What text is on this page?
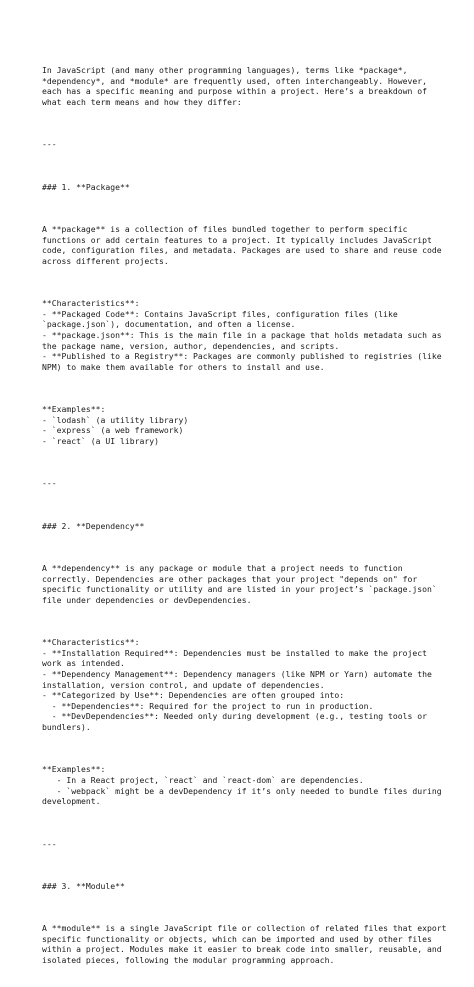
In JavaScript (and many other programming languages), terms like *package*,
*dependency*, and *module* are frequently used, often interchangeably. However,
each has a specific meaning and purpose within a project. Here’s a breakdown of
what each term means and how they differ:

---

### 1. **Package**

A **package** is a collection of files bundled together to perform specific
functions or add certain features to a project. It typically includes JavaScript
code, configuration files, and metadata. Packages are used to share and reuse code
across different projects.

**Characteristics**:
- **Packaged Code**: Contains JavaScript files, configuration files (like
`package.json`), documentation, and often a license.
- **package.json**: This is the main file in a package that holds metadata such as
the package name, version, author, dependencies, and scripts.
- **Published to a Registry**: Packages are commonly published to registries (like
NPM) to make them available for others to install and use.

**Examples**:
- `lodash` (a utility library)
- `express` (a web framework)
- `react` (a UI library)

---

### 2. **Dependency**

A **dependency** is any package or module that a project needs to function
correctly. Dependencies are other packages that your project "depends on" for
specific functionality or utility and are listed in your project’s `package.json`
file under dependencies or devDependencies.

**Characteristics**:
- **Installation Required**: Dependencies must be installed to make the project
work as intended.
- **Dependency Management**: Dependency managers (like NPM or Yarn) automate the
installation, version control, and update of dependencies.
- **Categorized by Use**: Dependencies are often grouped into:
- **Dependencies**: Required for the project to run in production.
- **DevDependencies**: Needed only during development (e.g., testing tools or
bundlers).

**Examples**:
- In a React project, `react` and `react-dom` are dependencies.
- `webpack` might be a devDependency if it’s only needed to bundle files during
development.

---

### 3. **Module**

A **module** is a single JavaScript file or collection of related files that export
specific functionality or objects, which can be imported and used by other files
within a project. Modules make it easier to break code into smaller, reusable, and
isolated pieces, following the modular programming approach.
